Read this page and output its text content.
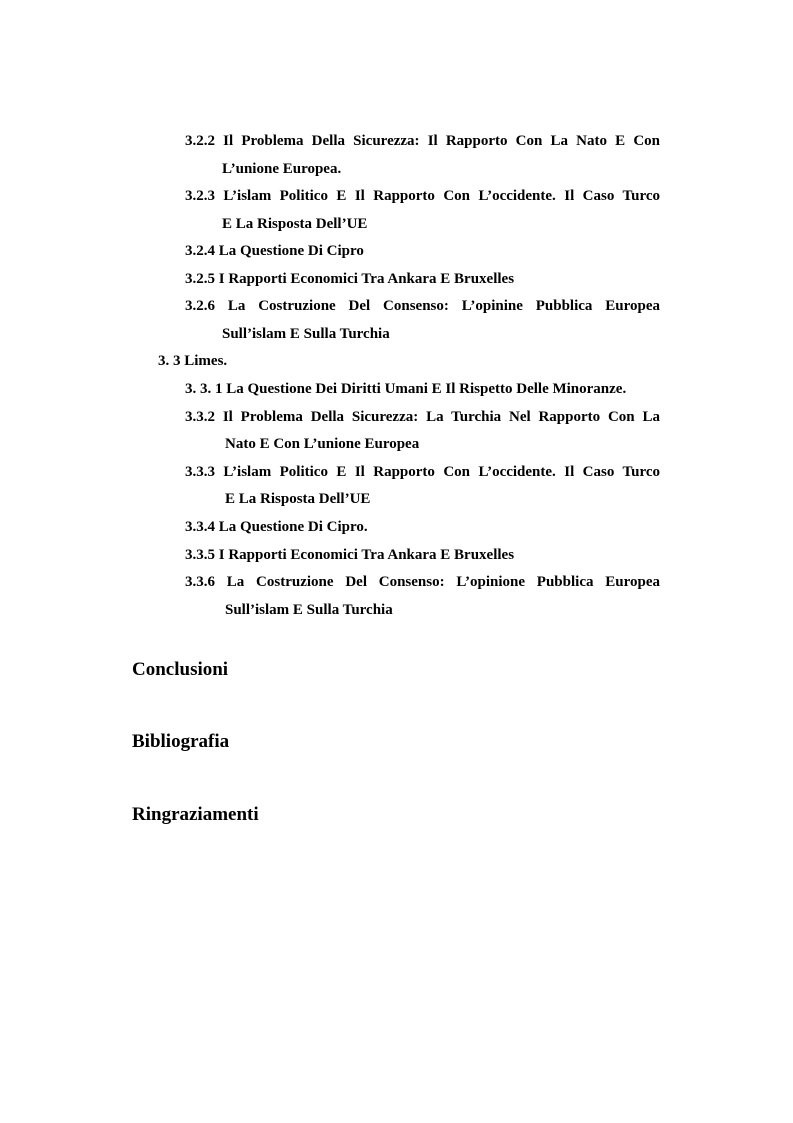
3.2.2 Il Problema Della Sicurezza: Il Rapporto Con La Nato E Con
L’unione Europea.
3.2.3 L’islam Politico E Il Rapporto Con L’occidente. Il Caso Turco
E La Risposta Dell’UE
3.2.4 La Questione Di Cipro
3.2.5 I Rapporti Economici Tra Ankara E Bruxelles
3.2.6 La Costruzione Del Consenso: L’opinine Pubblica Europea
Sull’islam E Sulla Turchia
3. 3 Limes.
3. 3. 1 La Questione Dei Diritti Umani E Il Rispetto Delle Minoranze.
3.3.2 Il Problema Della Sicurezza: La Turchia Nel Rapporto Con La
Nato E Con L’unione Europea
3.3.3 L’islam Politico E Il Rapporto Con L’occidente. Il Caso Turco
E La Risposta Dell’UE
3.3.4 La Questione Di Cipro.
3.3.5 I Rapporti Economici Tra Ankara E Bruxelles
3.3.6 La Costruzione Del Consenso: L’opinione Pubblica Europea
Sull’islam E Sulla Turchia
Conclusioni
Bibliografia
Ringraziamenti
